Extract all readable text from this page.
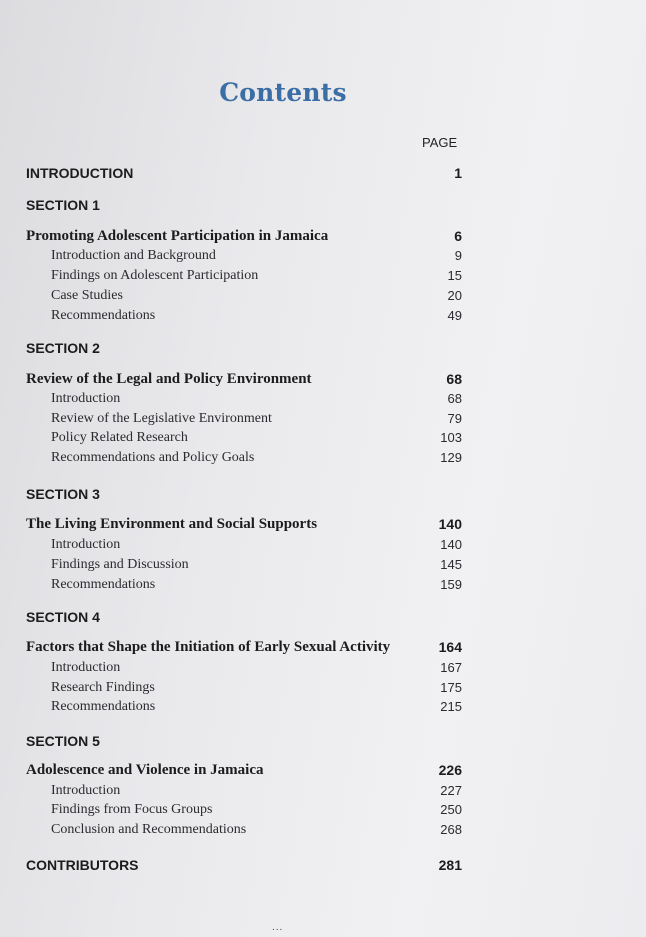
Contents
PAGE
INTRODUCTION	1
SECTION 1
Promoting Adolescent Participation in Jamaica	6
Introduction and Background	9
Findings on Adolescent Participation	15
Case Studies	20
Recommendations	49
SECTION 2
Review of the Legal and Policy Environment	68
Introduction	68
Review of the Legislative Environment	79
Policy Related Research	103
Recommendations and Policy Goals	129
SECTION 3
The Living Environment and Social Supports	140
Introduction	140
Findings and Discussion	145
Recommendations	159
SECTION 4
Factors that Shape the Initiation of Early Sexual Activity	164
Introduction	167
Research Findings	175
Recommendations	215
SECTION 5
Adolescence and Violence in Jamaica	226
Introduction	227
Findings from Focus Groups	250
Conclusion and Recommendations	268
CONTRIBUTORS	281
...
